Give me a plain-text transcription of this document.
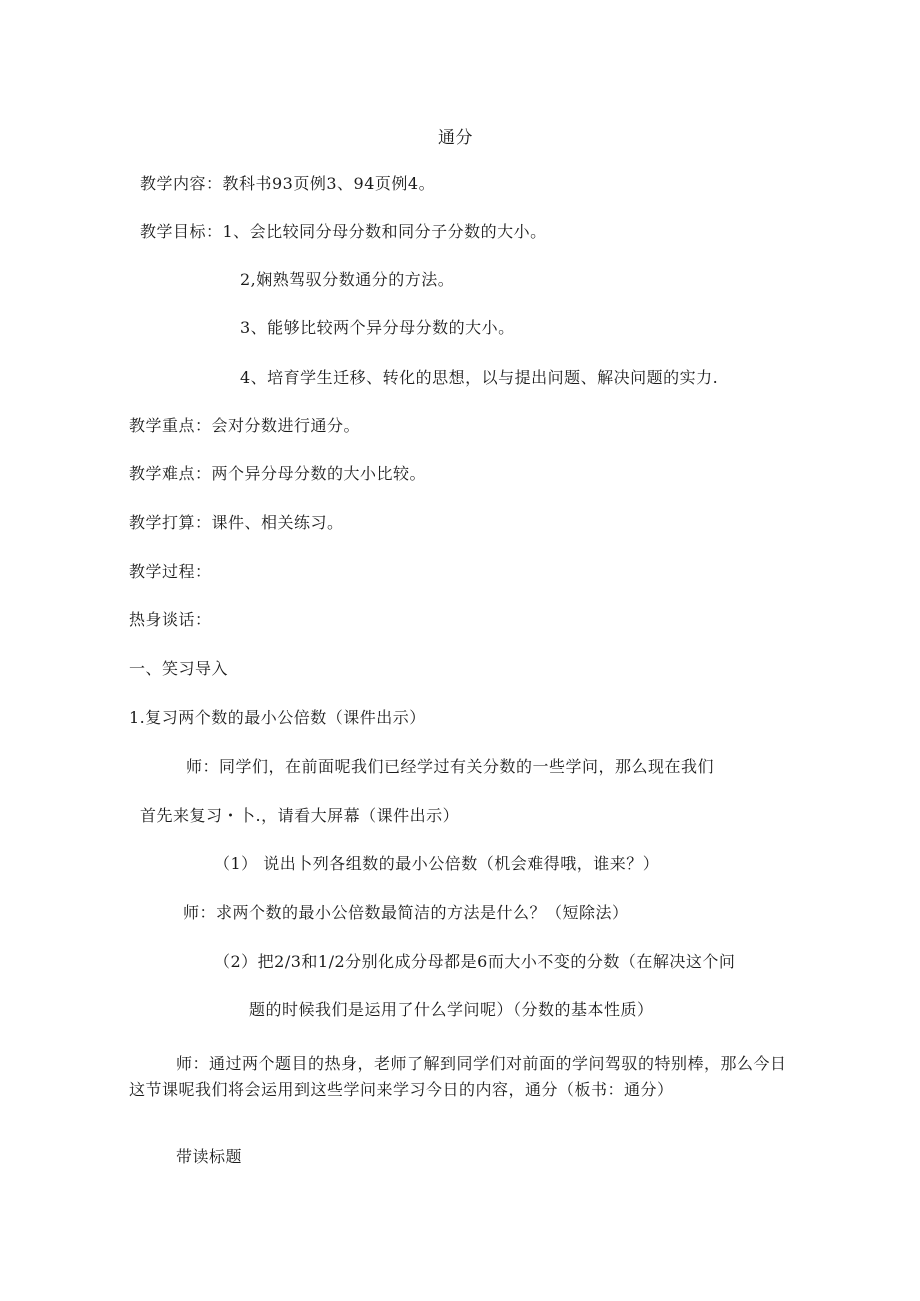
通分
教学内容：教科书93页例3、94页例4。
教学目标：1、会比较同分母分数和同分子分数的大小。
2,娴熟驾驭分数通分的方法。
3、能够比较两个异分母分数的大小。
4、培育学生迁移、转化的思想，以与提出问题、解决问题的实力.
教学重点：会对分数进行通分。
教学难点：两个异分母分数的大小比较。
教学打算：课件、相关练习。
教学过程：
热身谈话：
一、笑习导入
1.复习两个数的最小公倍数（课件出示）
师：同学们，在前面呢我们已经学过有关分数的一些学问，那么现在我们
首先来复习・卜.，请看大屏幕（课件出示）
（1） 说出卜列各组数的最小公倍数（机会难得哦，谁来？）
师：求两个数的最小公倍数最简洁的方法是什么？（短除法）
（2）把2/3和1/2分别化成分母都是6而大小不变的分数（在解决这个问
题的时候我们是运用了什么学问呢）（分数的基本性质）
师：通过两个题目的热身，老师了解到同学们对前面的学问驾驭的特别棒，那么今日这节课呢我们将会运用到这些学问来学习今日的内容，通分（板书：通分）
带读标题
